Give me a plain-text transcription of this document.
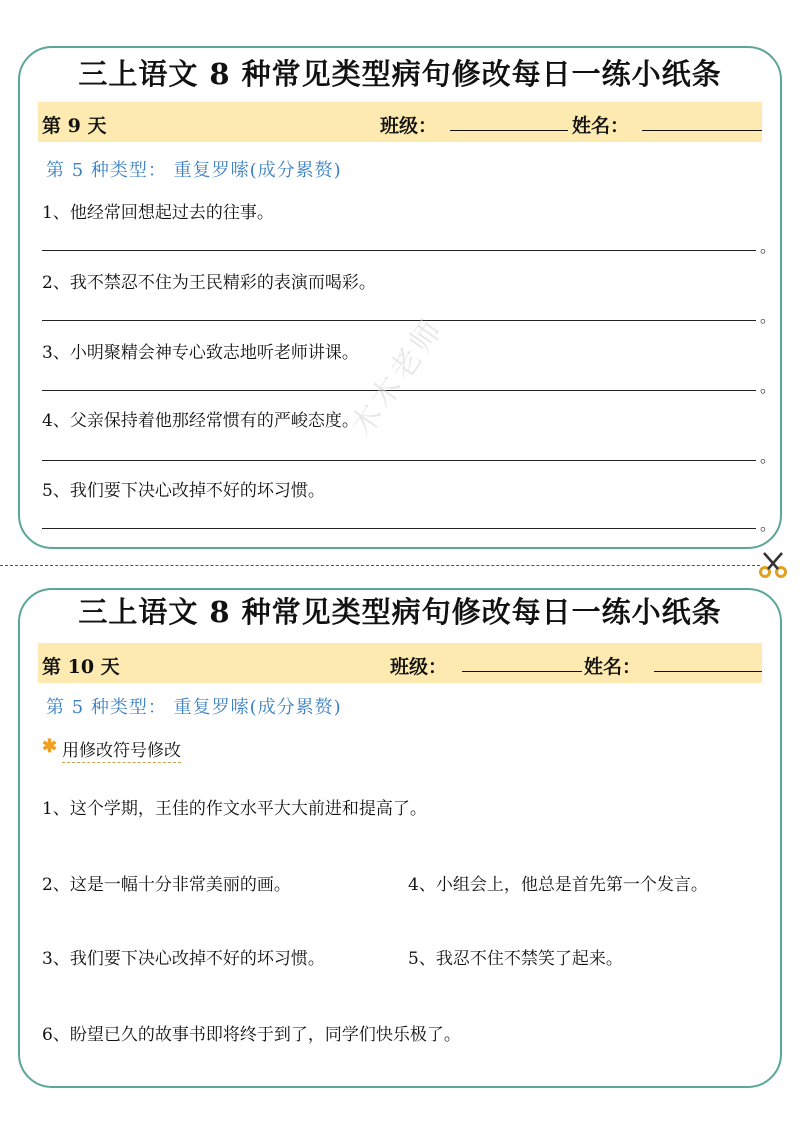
三上语文 8 种常见类型病句修改每日一练小纸条
第 9 天	班级：	姓名：
第 5 种类型： 重复罗嗦(成分累赘)
1、他经常回想起过去的往事。
。
2、我不禁忍不住为王民精彩的表演而喝彩。
。
3、小明聚精会神专心致志地听老师讲课。
。
4、父亲保持着他那经常惯有的严峻态度。
。
5、我们要下决心改掉不好的坏习惯。
。
木木老师
三上语文 8 种常见类型病句修改每日一练小纸条
第 10 天	班级：	姓名：
第 5 种类型： 重复罗嗦(成分累赘)
✱ 用修改符号修改
1、这个学期，王佳的作文水平大大前进和提高了。
2、这是一幅十分非常美丽的画。	4、小组会上，他总是首先第一个发言。
3、我们要下决心改掉不好的坏习惯。	5、我忍不住不禁笑了起来。
6、盼望已久的故事书即将终于到了，同学们快乐极了。
